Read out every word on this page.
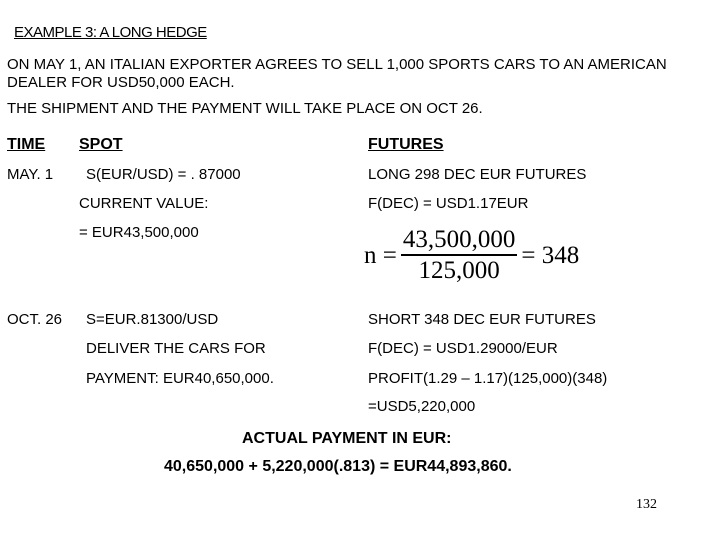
EXAMPLE 3: A LONG HEDGE
ON MAY 1, AN ITALIAN EXPORTER AGREES TO SELL 1,000 SPORTS CARS TO AN AMERICAN DEALER FOR USD50,000 EACH.
THE SHIPMENT AND THE PAYMENT WILL TAKE PLACE ON OCT 26.
TIME SPOT	FUTURES
MAY. 1 S(EUR/USD) = . 87000	LONG 298 DEC EUR FUTURES
CURRENT VALUE:	F(DEC) = USD1.17EUR
= EUR43,500,000
$n = \frac{43,500,000}{125,000} = 348$
OCT. 26 S=EUR.81300/USD	SHORT 348 DEC EUR FUTURES
DELIVER THE CARS FOR	F(DEC) = USD1.29000/EUR
PAYMENT: EUR40,650,000.	PROFIT(1.29 – 1.17)(125,000)(348)
=USD5,220,000
ACTUAL PAYMENT IN EUR:
40,650,000 + 5,220,000(.813) = EUR44,893,860.
132
